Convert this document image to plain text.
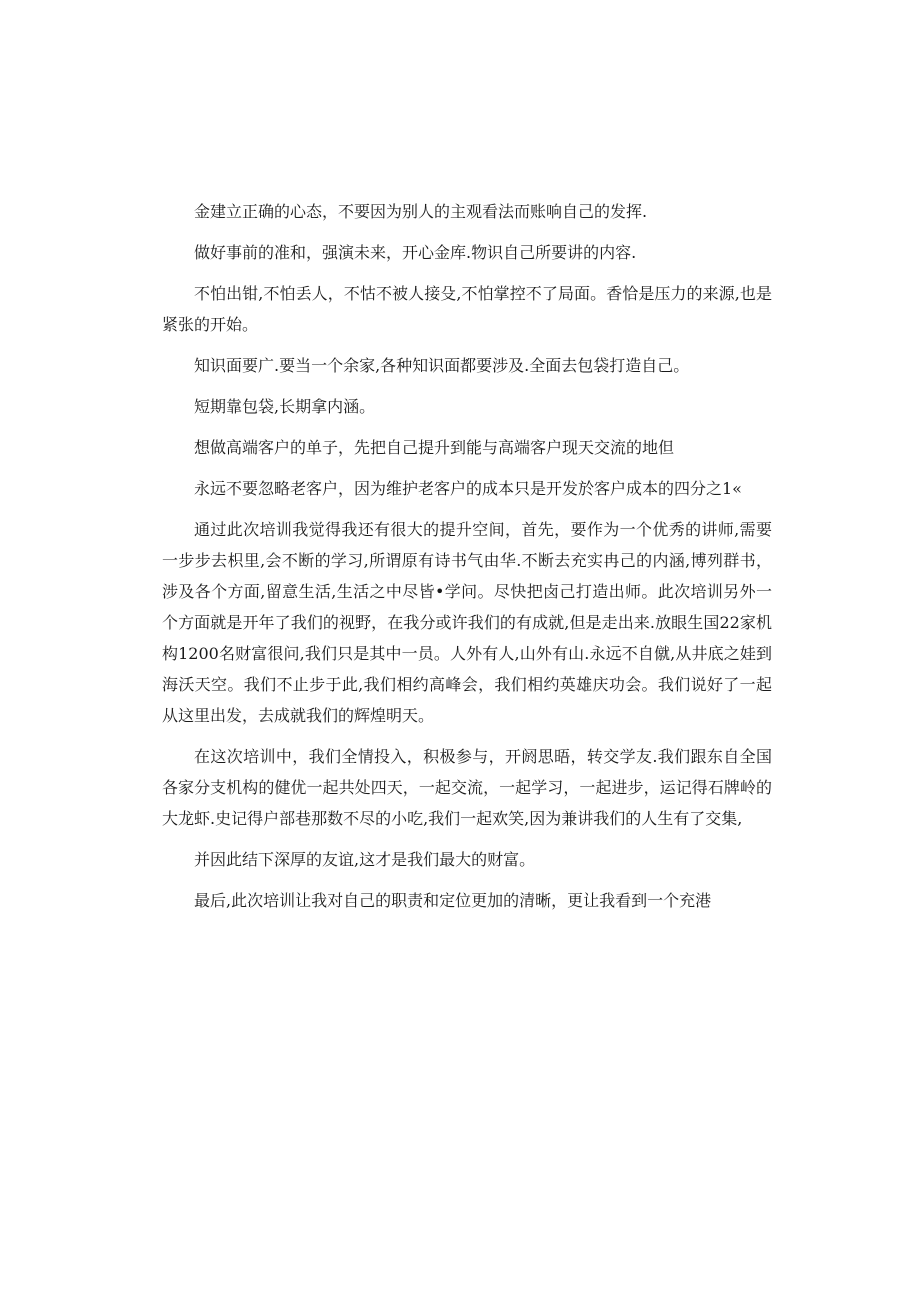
金建立正确的心态，不要因为别人的主观看法而账响自己的发挥.

做好事前的准和，强演未来，开心金库.物识自己所要讲的内容.

不怕出钳,不怕丢人，不怙不被人接殳,不怕掌控不了局面。香恰是压力的来源,也是紧张的开始。

知识面要广.要当一个余家,各种知识面都要涉及.全面去包袋打造自己。

短期靠包袋,长期拿内涵。

想做高端客户的单子，先把自己提升到能与高端客户现天交流的地但

永远不要忽略老客户，因为维护老客户的成本只是开发於客户成本的四分之1«

通过此次培训我觉得我还有很大的提升空间，首先，要作为一个优秀的讲师,需要一步步去枳里,会不断的学习,所谓原有诗书气由华.不断去充实冉己的内涵,博列群书，涉及各个方面,留意生活,生活之中尽皆•学问。尽快把卤己打造出师。此次培训另外一个方面就是开年了我们的视野，在我分或许我们的有成就,但是走出来.放眼生国22家机构1200名财富很问,我们只是其中一员。人外有人,山外有山.永远不自僦,从井底之娃到海沃天空。我们不止步于此,我们相约高峰会，我们相约英雄庆功会。我们说好了一起从这里出发，去成就我们的辉煌明天。

在这次培训中，我们全情投入，积极参与，开阏思晤，转交学友.我们跟东自全国各家分支机构的健优一起共处四天，一起交流，一起学习，一起进步，运记得石牌岭的大龙虾.史记得户部巷那数不尽的小吃,我们一起欢笑,因为兼讲我们的人生有了交集,

并因此结下深厚的友谊,这才是我们最大的财富。

最后,此次培训让我对自己的职责和定位更加的清晰，更让我看到一个充港
